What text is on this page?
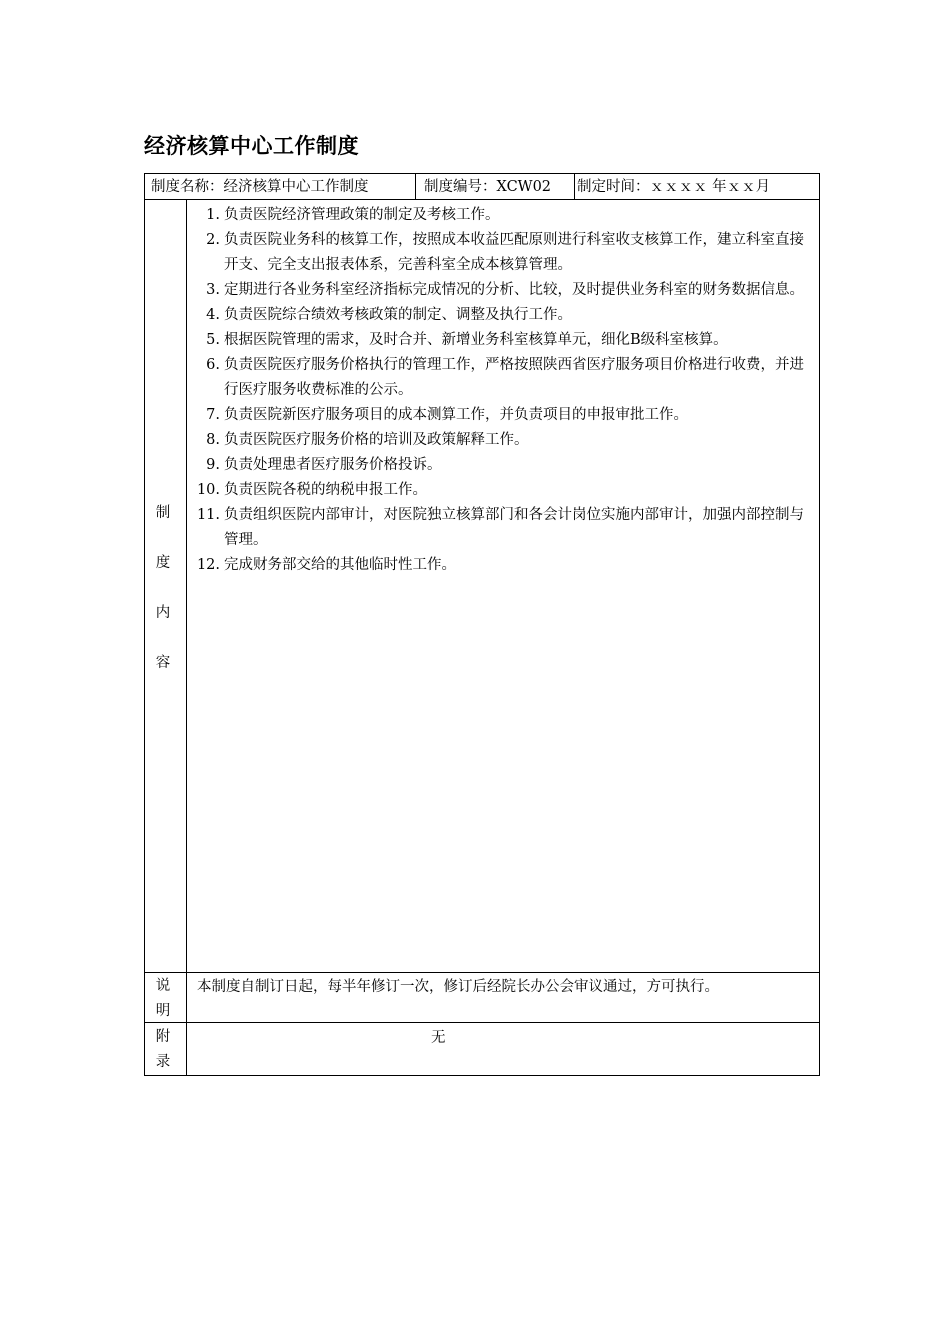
经济核算中心工作制度
制度名称：经济核算中心工作制度	制度编号：XCW02 制定时间：ｘｘｘｘ 年ｘｘ月
制
度
内
容
1. 负责医院经济管理政策的制定及考核工作。
2. 负责医院业务科的核算工作，按照成本收益匹配原则进行科室收支核算工作，建立科室直接开支、完全支出报表体系，完善科室全成本核算管理。
3. 定期进行各业务科室经济指标完成情况的分析、比较，及时提供业务科室的财务数据信息。
4. 负责医院综合绩效考核政策的制定、调整及执行工作。
5. 根据医院管理的需求，及时合并、新增业务科室核算单元，细化B级科室核算。
6. 负责医院医疗服务价格执行的管理工作，严格按照陕西省医疗服务项目价格进行收费，并进行医疗服务收费标准的公示。
7. 负责医院新医疗服务项目的成本测算工作，并负责项目的申报审批工作。
8. 负责医院医疗服务价格的培训及政策解释工作。
9. 负责处理患者医疗服务价格投诉。
10. 负责医院各税的纳税申报工作。
11. 负责组织医院内部审计，对医院独立核算部门和各会计岗位实施内部审计，加强内部控制与管理。
12. 完成财务部交给的其他临时性工作。
说
明
本制度自制订日起，每半年修订一次，修订后经院长办公会审议通过，方可执行。
附
录
无
